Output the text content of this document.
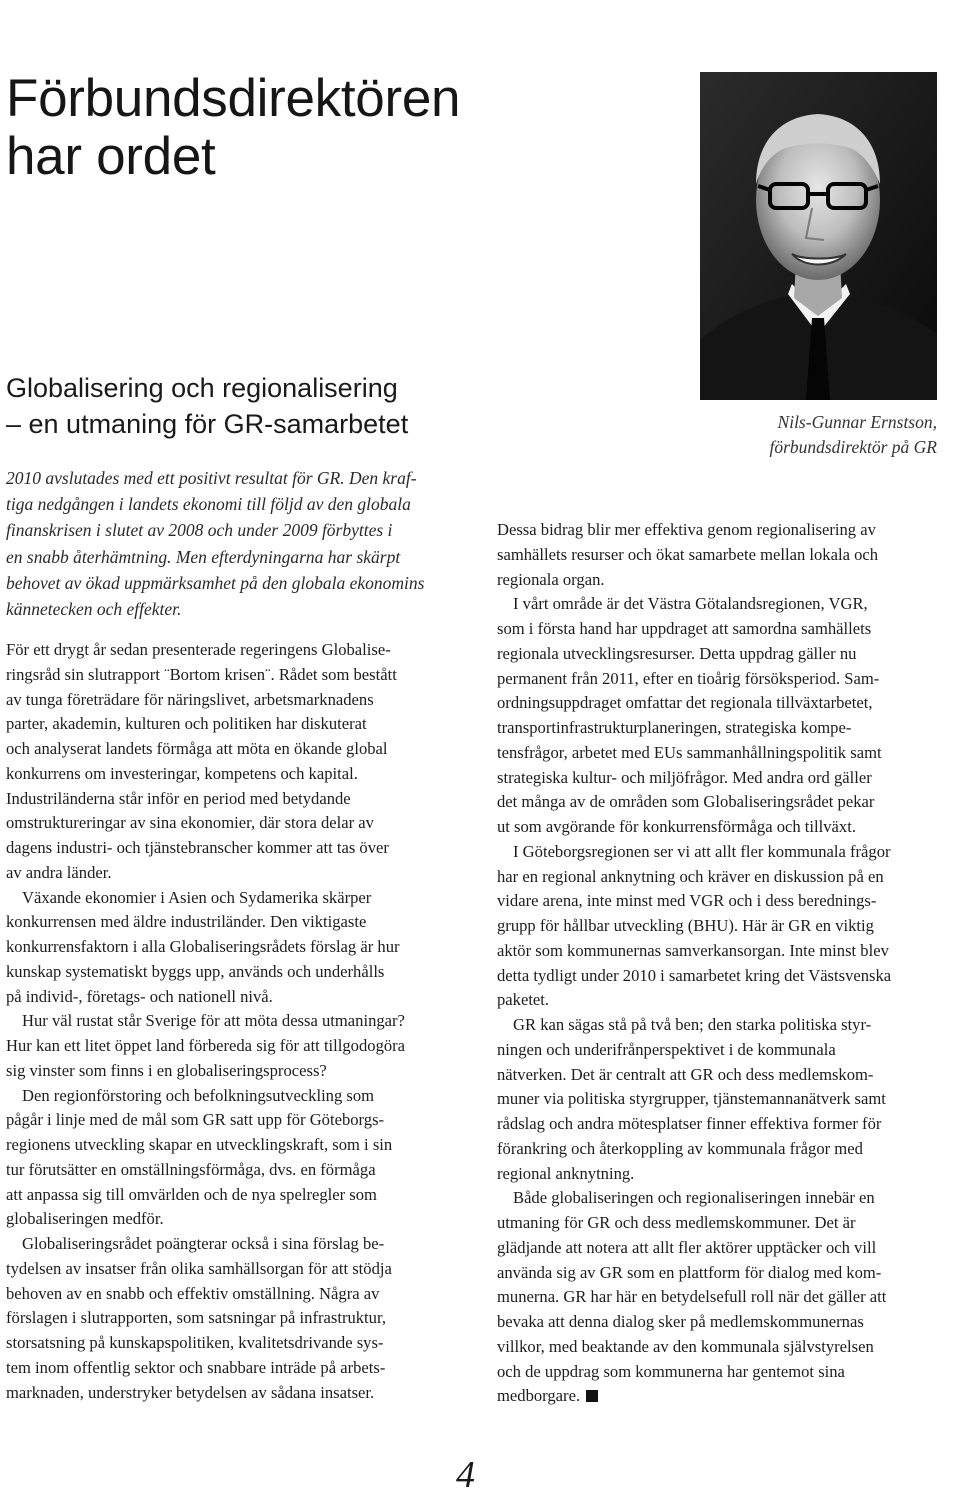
Förbundsdirektören
har ordet

Nils-Gunnar Ernstson,
förbundsdirektör på GR

Globalisering och regionalisering
– en utmaning för GR-samarbetet

2010 avslutades med ett positivt resultat för GR. Den kraf-
tiga nedgången i landets ekonomi till följd av den globala
finanskrisen i slutet av 2008 och under 2009 förbyttes i
en snabb återhämtning. Men efterdyningarna har skärpt
behovet av ökad uppmärksamhet på den globala ekonomins
kännetecken och effekter.

För ett drygt år sedan presenterade regeringens Globalise-
ringsråd sin slutrapport ¨Bortom krisen¨. Rådet som bestått
av tunga företrädare för näringslivet, arbetsmarknadens
parter, akademin, kulturen och politiken har diskuterat
och analyserat landets förmåga att möta en ökande global
konkurrens om investeringar, kompetens och kapital.
Industriländerna står inför en period med betydande
omstruktureringar av sina ekonomier, där stora delar av
dagens industri- och tjänstebranscher kommer att tas över
av andra länder.
Växande ekonomier i Asien och Sydamerika skärper
konkurrensen med äldre industriländer. Den viktigaste
konkurrensfaktorn i alla Globaliseringsrådets förslag är hur
kunskap systematiskt byggs upp, används och underhålls
på individ-, företags- och nationell nivå.
Hur väl rustat står Sverige för att möta dessa utmaningar?
Hur kan ett litet öppet land förbereda sig för att tillgodogöra
sig vinster som finns i en globaliseringsprocess?
Den regionförstoring och befolkningsutveckling som
pågår i linje med de mål som GR satt upp för Göteborgs-
regionens utveckling skapar en utvecklingskraft, som i sin
tur förutsätter en omställningsförmåga, dvs. en förmåga
att anpassa sig till omvärlden och de nya spelregler som
globaliseringen medför.
Globaliseringsrådet poängterar också i sina förslag be-
tydelsen av insatser från olika samhällsorgan för att stödja
behoven av en snabb och effektiv omställning. Några av
förslagen i slutrapporten, som satsningar på infrastruktur,
storsatsning på kunskapspolitiken, kvalitetsdrivande sys-
tem inom offentlig sektor och snabbare inträde på arbets-
marknaden, understryker betydelsen av sådana insatser.
Dessa bidrag blir mer effektiva genom regionalisering av
samhällets resurser och ökat samarbete mellan lokala och
regionala organ.
I vårt område är det Västra Götalandsregionen, VGR,
som i första hand har uppdraget att samordna samhällets
regionala utvecklingsresurser. Detta uppdrag gäller nu
permanent från 2011, efter en tioårig försöksperiod. Sam-
ordningsuppdraget omfattar det regionala tillväxtarbetet,
transportinfrastrukturplaneringen, strategiska kompe-
tensfrågor, arbetet med EUs sammanhållningspolitik samt
strategiska kultur- och miljöfrågor. Med andra ord gäller
det många av de områden som Globaliseringsrådet pekar
ut som avgörande för konkurrensförmåga och tillväxt.
I Göteborgsregionen ser vi att allt fler kommunala frågor
har en regional anknytning och kräver en diskussion på en
vidare arena, inte minst med VGR och i dess berednings-
grupp för hållbar utveckling (BHU). Här är GR en viktig
aktör som kommunernas samverkansorgan. Inte minst blev
detta tydligt under 2010 i samarbetet kring det Västsvenska
paketet.
GR kan sägas stå på två ben; den starka politiska styr-
ningen och underifrånperspektivet i de kommunala
nätverken. Det är centralt att GR och dess medlemskom-
muner via politiska styrgrupper, tjänstemannanätverk samt
rådslag och andra mötesplatser finner effektiva former för
förankring och återkoppling av kommunala frågor med
regional anknytning.
Både globaliseringen och regionaliseringen innebär en
utmaning för GR och dess medlemskommuner. Det är
glädjande att notera att allt fler aktörer upptäcker och vill
använda sig av GR som en plattform för dialog med kom-
munerna. GR har här en betydelsefull roll när det gäller att
bevaka att denna dialog sker på medlemskommunernas
villkor, med beaktande av den kommunala självstyrelsen
och de uppdrag som kommunerna har gentemot sina
medborgare.
4
